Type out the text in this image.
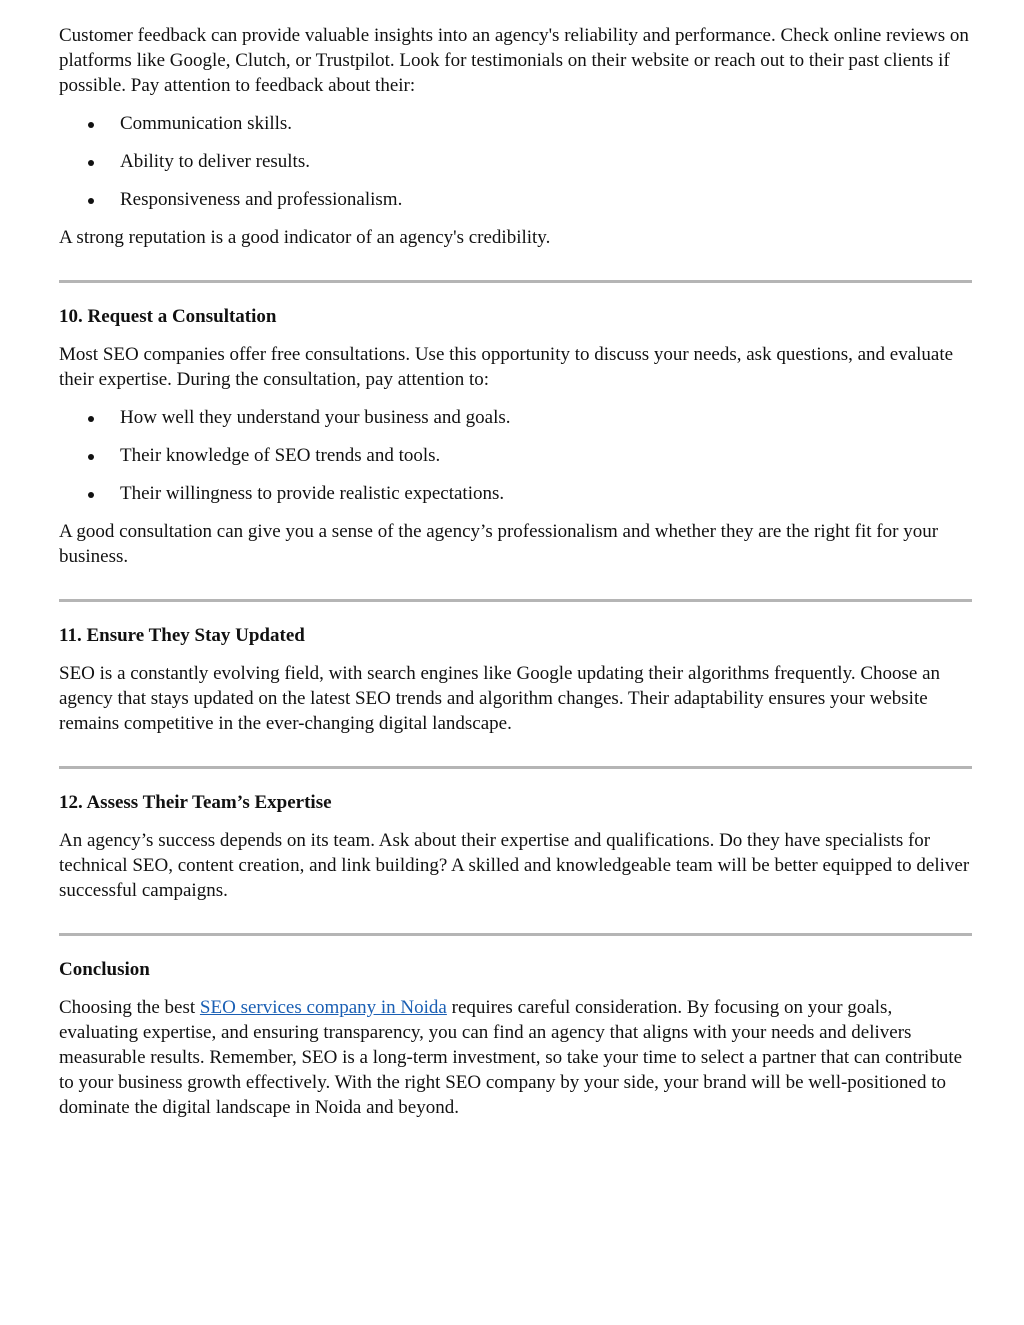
Customer feedback can provide valuable insights into an agency's reliability and performance. Check online reviews on platforms like Google, Clutch, or Trustpilot. Look for testimonials on their website or reach out to their past clients if possible. Pay attention to feedback about their:

Communication skills.
Ability to deliver results.
Responsiveness and professionalism.

A strong reputation is a good indicator of an agency's credibility.

10. Request a Consultation

Most SEO companies offer free consultations. Use this opportunity to discuss your needs, ask questions, and evaluate their expertise. During the consultation, pay attention to:

How well they understand your business and goals.
Their knowledge of SEO trends and tools.
Their willingness to provide realistic expectations.

A good consultation can give you a sense of the agency’s professionalism and whether they are the right fit for your business.

11. Ensure They Stay Updated

SEO is a constantly evolving field, with search engines like Google updating their algorithms frequently. Choose an agency that stays updated on the latest SEO trends and algorithm changes. Their adaptability ensures your website remains competitive in the ever-changing digital landscape.

12. Assess Their Team’s Expertise

An agency’s success depends on its team. Ask about their expertise and qualifications. Do they have specialists for technical SEO, content creation, and link building? A skilled and knowledgeable team will be better equipped to deliver successful campaigns.

Conclusion

Choosing the best SEO services company in Noida requires careful consideration. By focusing on your goals, evaluating expertise, and ensuring transparency, you can find an agency that aligns with your needs and delivers measurable results. Remember, SEO is a long-term investment, so take your time to select a partner that can contribute to your business growth effectively. With the right SEO company by your side, your brand will be well-positioned to dominate the digital landscape in Noida and beyond.
